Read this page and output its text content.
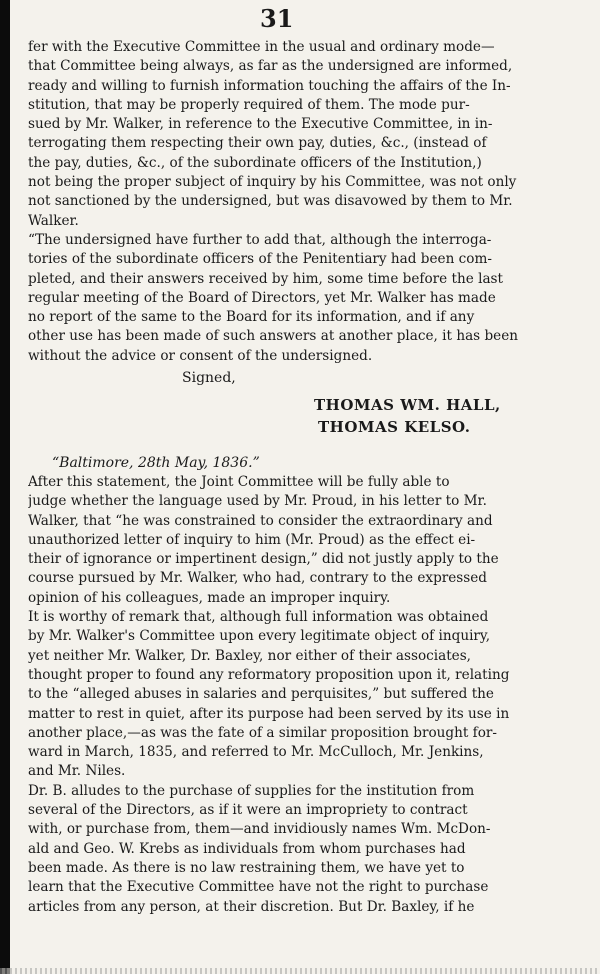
31
fer with the Executive Committee in the usual and ordinary mode—
that Committee being always, as far as the undersigned are informed,
ready and willing to furnish information touching the affairs of the In-
stitution, that may be properly required of them. The mode pur-
sued by Mr. Walker, in reference to the Executive Committee, in in-
terrogating them respecting their own pay, duties, &c., (instead of
the pay, duties, &c., of the subordinate officers of the Institution,)
not being the proper subject of inquiry by his Committee, was not only
not sanctioned by the undersigned, but was disavowed by them to Mr.
Walker.
“The undersigned have further to add that, although the interroga-
tories of the subordinate officers of the Penitentiary had been com-
pleted, and their answers received by him, some time before the last
regular meeting of the Board of Directors, yet Mr. Walker has made
no report of the same to the Board for its information, and if any
other use has been made of such answers at another place, it has been
without the advice or consent of the undersigned.
Signed,
THOMAS WM. HALL,
THOMAS KELSO.
“Baltimore, 28th May, 1836.”
After this statement, the Joint Committee will be fully able to
judge whether the language used by Mr. Proud, in his letter to Mr.
Walker, that “he was constrained to consider the extraordinary and
unauthorized letter of inquiry to him (Mr. Proud) as the effect ei-
their of ignorance or impertinent design,” did not justly apply to the
course pursued by Mr. Walker, who had, contrary to the expressed
opinion of his colleagues, made an improper inquiry.
It is worthy of remark that, although full information was obtained
by Mr. Walker's Committee upon every legitimate object of inquiry,
yet neither Mr. Walker, Dr. Baxley, nor either of their associates,
thought proper to found any reformatory proposition upon it, relating
to the “alleged abuses in salaries and perquisites,” but suffered the
matter to rest in quiet, after its purpose had been served by its use in
another place,—as was the fate of a similar proposition brought for-
ward in March, 1835, and referred to Mr. McCulloch, Mr. Jenkins,
and Mr. Niles.
Dr. B. alludes to the purchase of supplies for the institution from
several of the Directors, as if it were an impropriety to contract
with, or purchase from, them—and invidiously names Wm. McDon-
ald and Geo. W. Krebs as individuals from whom purchases had
been made. As there is no law restraining them, we have yet to
learn that the Executive Committee have not the right to purchase
articles from any person, at their discretion. But Dr. Baxley, if he
